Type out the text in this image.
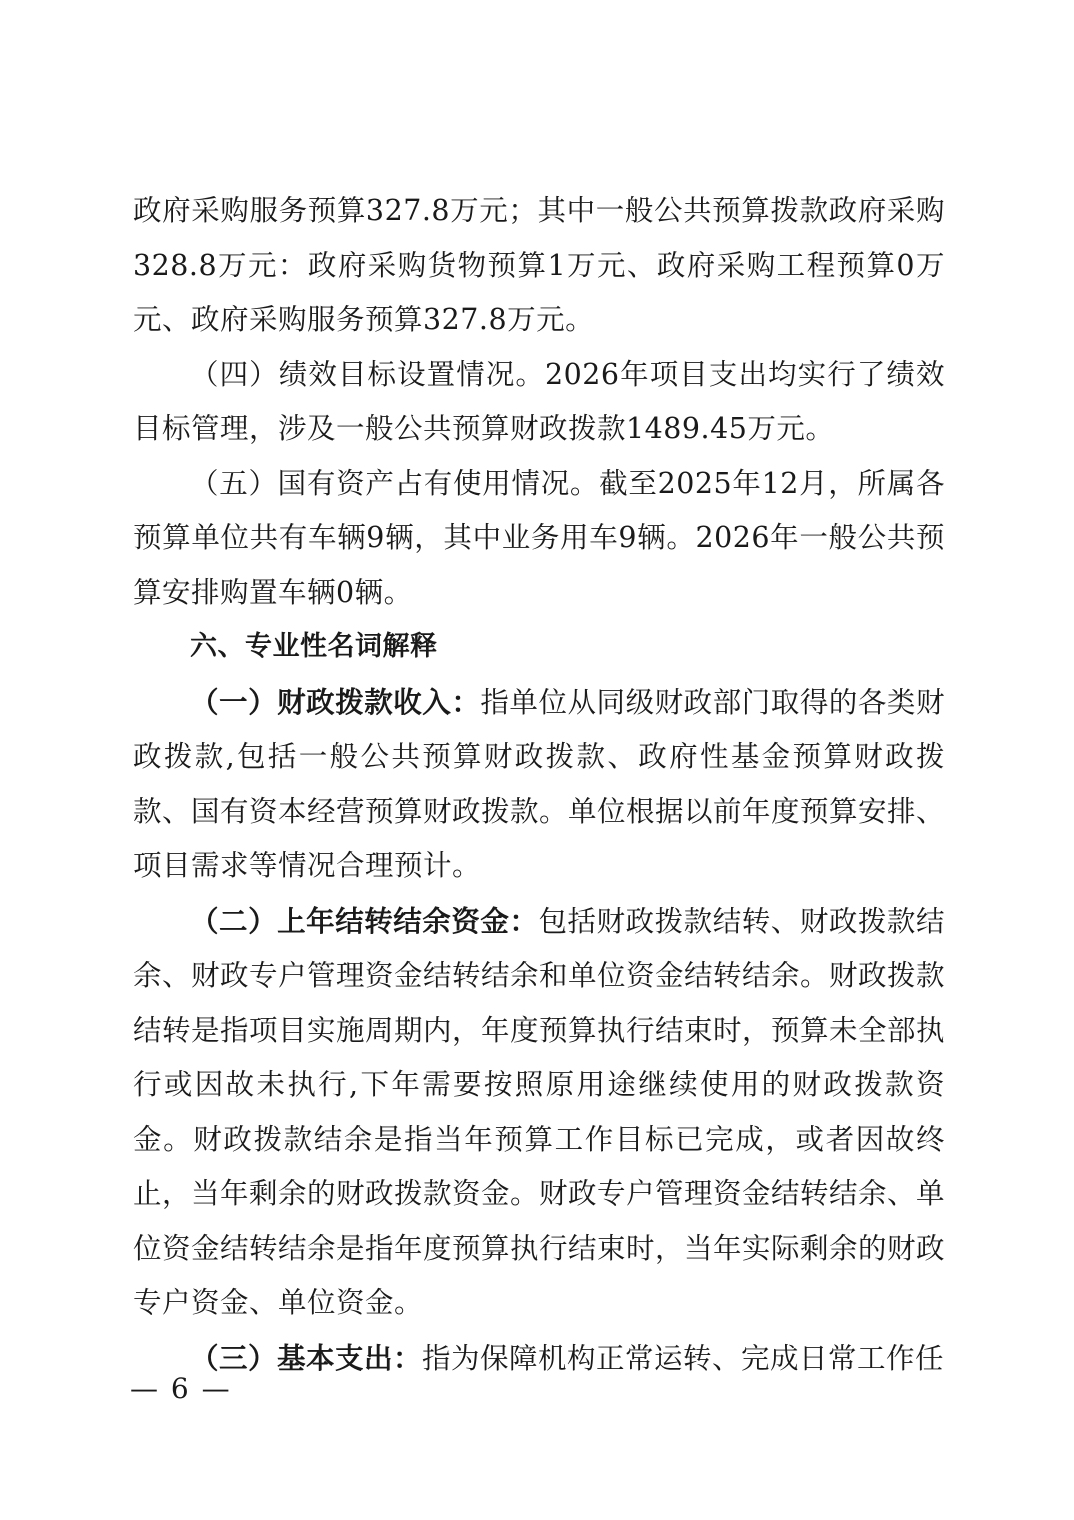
政府采购服务预算327.8万元；其中一般公共预算拨款政府采购328.8万元：政府采购货物预算1万元、政府采购工程预算0万元、政府采购服务预算327.8万元。

（四）绩效目标设置情况。2026年项目支出均实行了绩效目标管理，涉及一般公共预算财政拨款1489.45万元。

（五）国有资产占有使用情况。截至2025年12月，所属各预算单位共有车辆9辆，其中业务用车9辆。2026年一般公共预算安排购置车辆0辆。

六、专业性名词解释

（一）财政拨款收入：指单位从同级财政部门取得的各类财政拨款,包括一般公共预算财政拨款、政府性基金预算财政拨款、国有资本经营预算财政拨款。单位根据以前年度预算安排、项目需求等情况合理预计。

（二）上年结转结余资金：包括财政拨款结转、财政拨款结余、财政专户管理资金结转结余和单位资金结转结余。财政拨款结转是指项目实施周期内，年度预算执行结束时，预算未全部执行或因故未执行,下年需要按照原用途继续使用的财政拨款资金。财政拨款结余是指当年预算工作目标已完成，或者因故终止，当年剩余的财政拨款资金。财政专户管理资金结转结余、单位资金结转结余是指年度预算执行结束时，当年实际剩余的财政专户资金、单位资金。

（三）基本支出：指为保障机构正常运转、完成日常工作任

— 6 —
